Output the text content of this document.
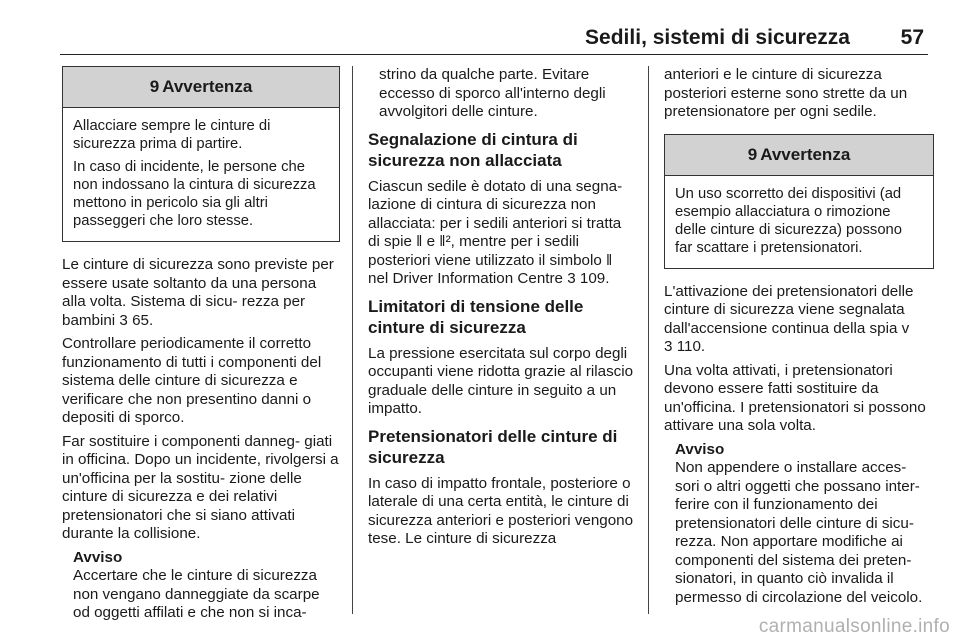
Sedili, sistemi di sicurezza 57
9 Avvertenza

Allacciare sempre le cinture di sicurezza prima di partire.

In caso di incidente, le persone che non indossano la cintura di sicurezza mettono in pericolo sia gli altri passeggeri che loro stesse.

Le cinture di sicurezza sono previste per essere usate soltanto da una persona alla volta. Sistema di sicu- rezza per bambini 3 65.

Controllare periodicamente il corretto funzionamento di tutti i componenti del sistema delle cinture di sicurezza e verificare che non presentino danni o depositi di sporco.

Far sostituire i componenti danneg- giati in officina. Dopo un incidente, rivolgersi a un'officina per la sostitu- zione delle cinture di sicurezza e dei relativi pretensionatori che si siano attivati durante la collisione.

Avviso

Accertare che le cinture di sicurezza non vengano danneggiate da scarpe od oggetti affilati e che non si inca-

strino da qualche parte. Evitare eccesso di sporco all'interno degli avvolgitori delle cinture.

Segnalazione di cintura di sicurezza non allacciata

Ciascun sedile è dotato di una segna- lazione di cintura di sicurezza non allacciata: per i sedili anteriori si tratta di spie ǁ e ǁ², mentre per i sedili posteriori viene utilizzato il simbolo ǁ nel Driver Information Centre 3 109.

Limitatori di tensione delle cinture di sicurezza

La pressione esercitata sul corpo degli occupanti viene ridotta grazie al rilascio graduale delle cinture in seguito a un impatto.

Pretensionatori delle cinture di sicurezza

In caso di impatto frontale, posteriore o laterale di una certa entità, le cinture di sicurezza anteriori e posteriori vengono tese. Le cinture di sicurezza

anteriori e le cinture di sicurezza posteriori esterne sono strette da un pretensionatore per ogni sedile.

9 Avvertenza

Un uso scorretto dei dispositivi (ad esempio allacciatura o rimozione delle cinture di sicurezza) possono far scattare i pretensionatori.

L'attivazione dei pretensionatori delle cinture di sicurezza viene segnalata dall'accensione continua della spia v
3 110.

Una volta attivati, i pretensionatori devono essere fatti sostituire da un'officina. I pretensionatori si possono attivare una sola volta.

Avviso

Non appendere o installare acces- sori o altri oggetti che possano inter- ferire con il funzionamento dei pretensionatori delle cinture di sicu- rezza. Non apportare modifiche ai componenti del sistema dei preten- sionatori, in quanto ciò invalida il permesso di circolazione del veicolo.

carmanualsonline.info
